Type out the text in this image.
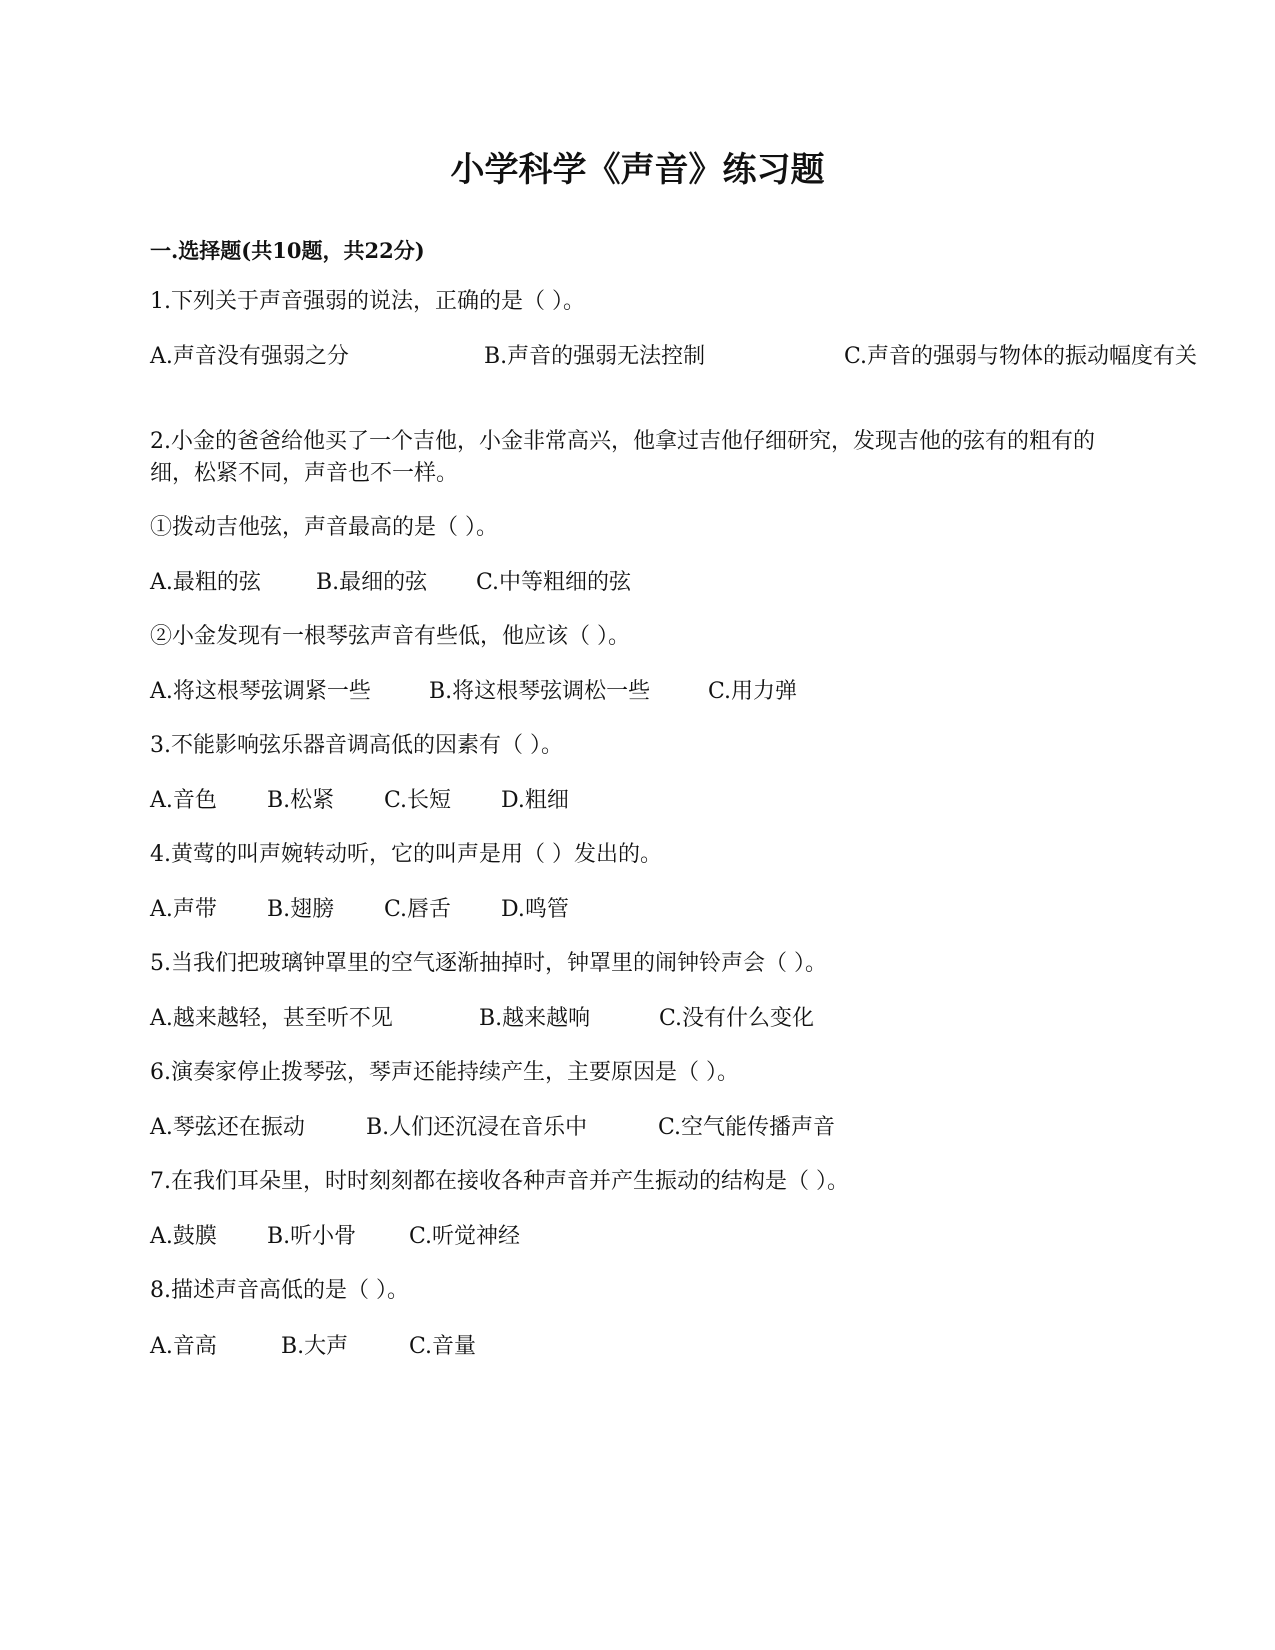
小学科学《声音》练习题
一.选择题(共10题，共22分)
1.下列关于声音强弱的说法，正确的是（ ）。
A.声音没有强弱之分	B.声音的强弱无法控制	C.声音的强弱与物体的振动幅度有关
2.小金的爸爸给他买了一个吉他，小金非常高兴，他拿过吉他仔细研究，发现吉他的弦有的粗有的细，松紧不同，声音也不一样。
①拨动吉他弦，声音最高的是（ ）。
A.最粗的弦	B.最细的弦 C.中等粗细的弦
②小金发现有一根琴弦声音有些低，他应该（ ）。
A.将这根琴弦调紧一些	B.将这根琴弦调松一些	C.用力弹
3.不能影响弦乐器音调高低的因素有（ ）。
A.音色 B.松紧 C.长短 D.粗细
4.黄莺的叫声婉转动听，它的叫声是用（ ）发出的。
A.声带 B.翅膀 C.唇舌 D.鸣管
5.当我们把玻璃钟罩里的空气逐渐抽掉时，钟罩里的闹钟铃声会（ ）。
A.越来越轻，甚至听不见	B.越来越响	C.没有什么变化
6.演奏家停止拨琴弦，琴声还能持续产生，主要原因是（ ）。
A.琴弦还在振动	B.人们还沉浸在音乐中	C.空气能传播声音
7.在我们耳朵里，时时刻刻都在接收各种声音并产生振动的结构是（ ）。
A.鼓膜 B.听小骨 C.听觉神经
8.描述声音高低的是（ ）。
A.音高	B.大声	C.音量
